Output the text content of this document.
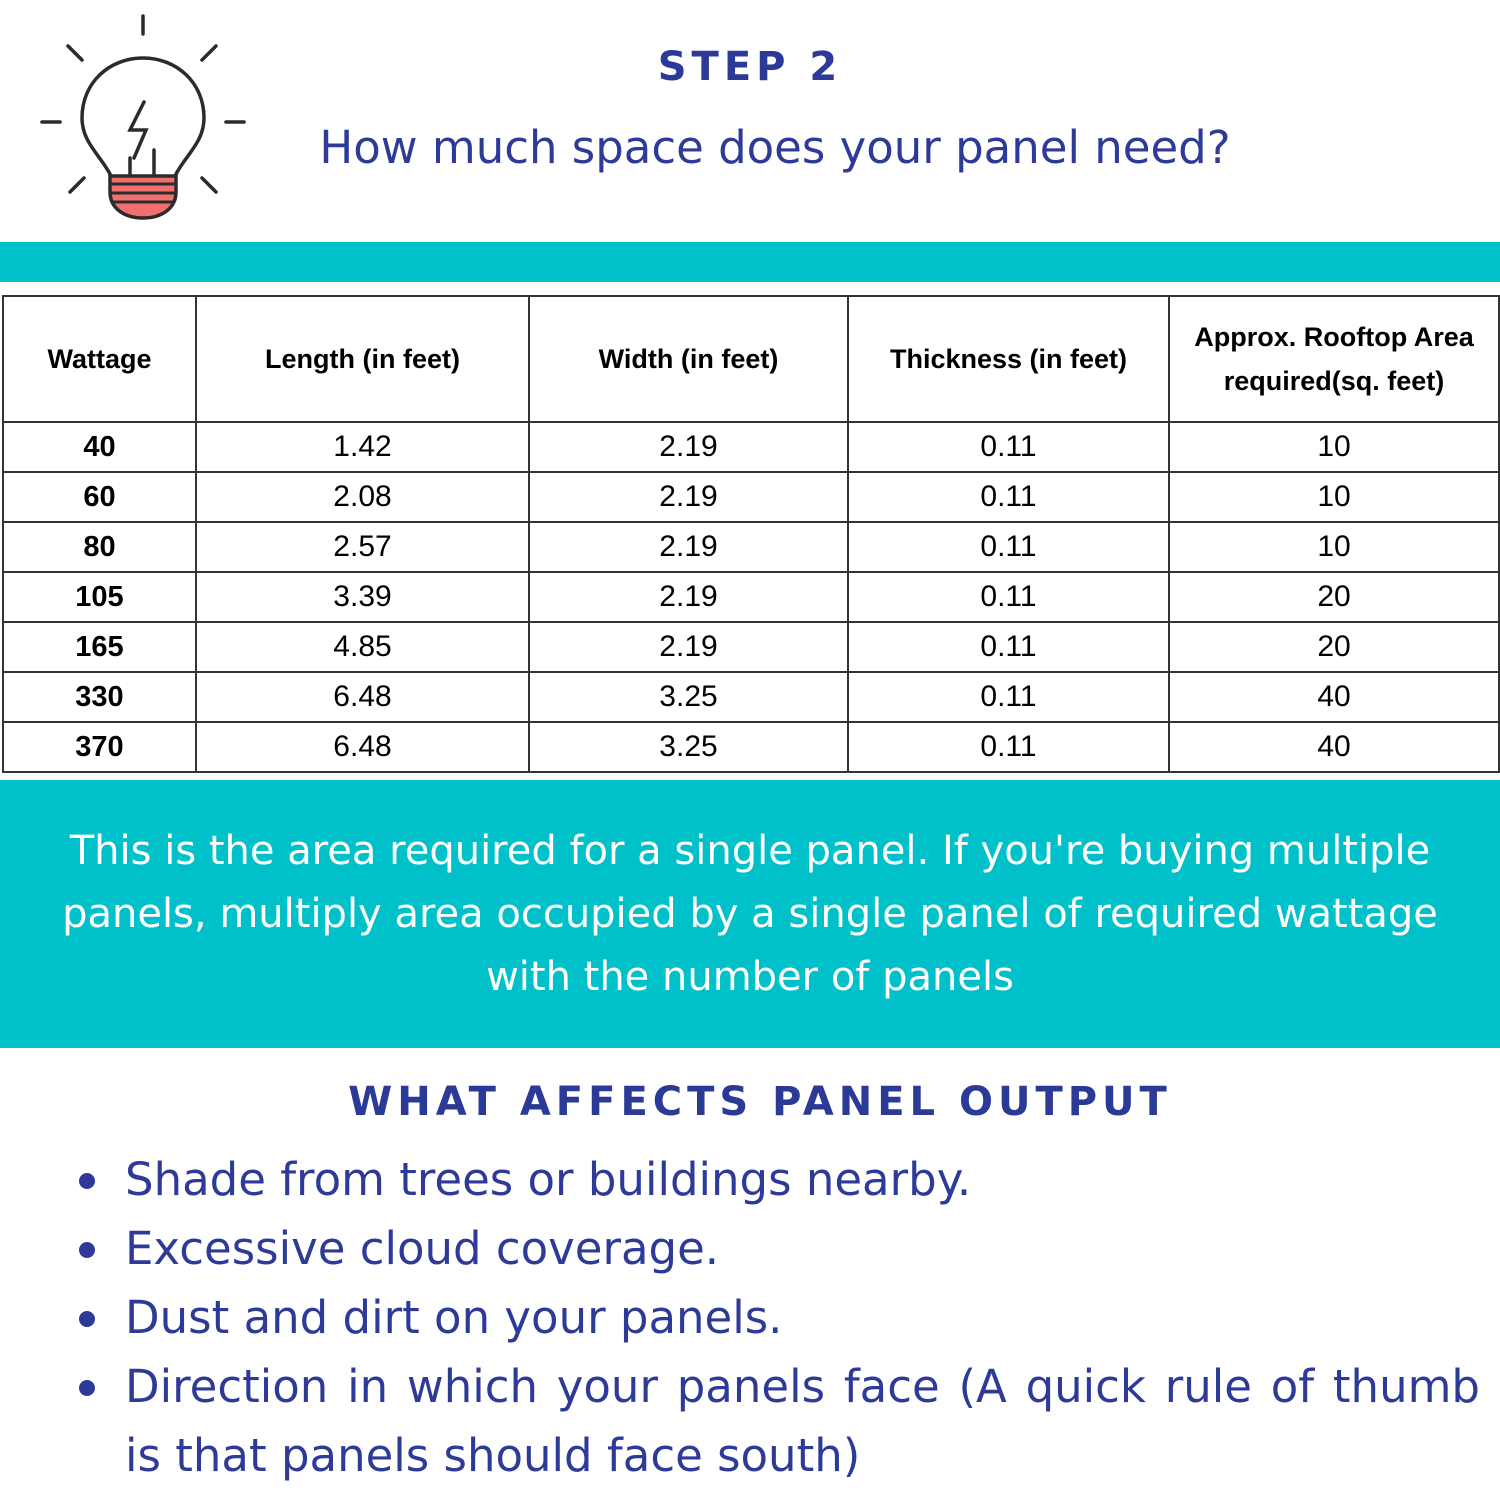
STEP 2
How much space does your panel need?
Wattage	Length (in feet)	Width (in feet)	Thickness (in feet)	Approx. Rooftop Area required(sq. feet)
40	1.42	2.19	0.11	10
60	2.08	2.19	0.11	10
80	2.57	2.19	0.11	10
105	3.39	2.19	0.11	20
165	4.85	2.19	0.11	20
330	6.48	3.25	0.11	40
370	6.48	3.25	0.11	40

This is the area required for a single panel. If you're buying multiple panels, multiply area occupied by a single panel of required wattage with the number of panels

WHAT AFFECTS PANEL OUTPUT
Shade from trees or buildings nearby.
Excessive cloud coverage.
Dust and dirt on your panels.
Direction in which your panels face (A quick rule of thumb is that panels should face south)
